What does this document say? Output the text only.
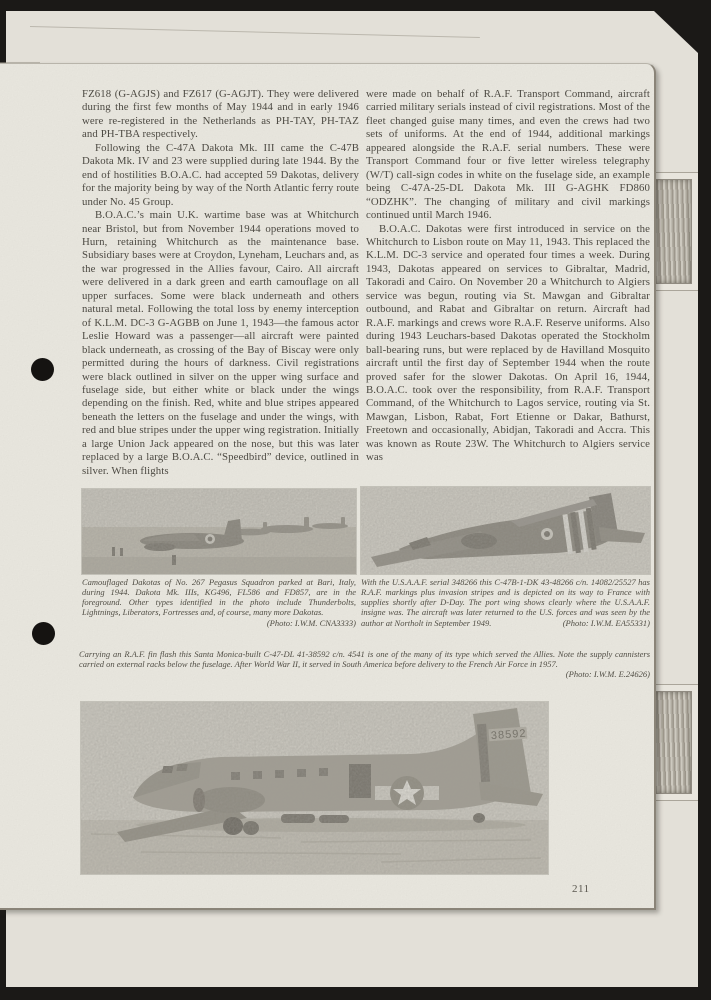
FZ618 (G-AGJS) and FZ617 (G-AGJT). They were delivered during the first few months of May 1944 and in early 1946 were re-registered in the Netherlands as PH-TAY, PH-TAZ and PH-TBA respectively.

Following the C-47A Dakota Mk. III came the C-47B Dakota Mk. IV and 23 were supplied during late 1944. By the end of hostilities B.O.A.C. had accepted 59 Dakotas, delivery for the majority being by way of the North Atlantic ferry route under No. 45 Group.

B.O.A.C.’s main U.K. wartime base was at Whitchurch near Bristol, but from November 1944 operations moved to Hurn, retaining Whitchurch as the maintenance base. Subsidiary bases were at Croydon, Lyneham, Leuchars and, as the war progressed in the Allies favour, Cairo. All aircraft were delivered in a dark green and earth camouflage on all upper surfaces. Some were black underneath and others natural metal. Following the total loss by enemy interception of K.L.M. DC-3 G-AGBB on June 1, 1943—the famous actor Leslie Howard was a passenger—all aircraft were painted black underneath, as crossing of the Bay of Biscay were only permitted during the hours of darkness. Civil registrations were black outlined in silver on the upper wing surface and fuselage side, but either white or black under the wings depending on the finish. Red, white and blue stripes appeared beneath the letters on the fuselage and under the wings, with red and blue stripes under the upper wing registration. Initially a large Union Jack appeared on the nose, but this was later replaced by a large B.O.A.C. “Speedbird” device, outlined in silver. When flights

were made on behalf of R.A.F. Transport Command, aircraft carried military serials instead of civil registrations. Most of the fleet changed guise many times, and even the crews had two sets of uniforms. At the end of 1944, additional markings appeared alongside the R.A.F. serial numbers. These were Transport Command four or five letter wireless telegraphy (W/T) call-sign codes in white on the fuselage side, an example being C-47A-25-DL Dakota Mk. III G-AGHK FD860 “ODZHK”. The changing of military and civil markings continued until March 1946.

B.O.A.C. Dakotas were first introduced in service on the Whitchurch to Lisbon route on May 11, 1943. This replaced the K.L.M. DC-3 service and operated four times a week. During 1943, Dakotas appeared on services to Gibraltar, Madrid, Takoradi and Cairo. On November 20 a Whitchurch to Algiers service was begun, routing via St. Mawgan and Gibraltar outbound, and Rabat and Gibraltar on return. Aircraft had R.A.F. markings and crews wore R.A.F. Reserve uniforms. Also during 1943 Leuchars-based Dakotas operated the Stockholm ball-bearing runs, but were replaced by de Havilland Mosquito aircraft until the first day of September 1944 when the route proved safer for the slower Dakotas. On April 16, 1944, B.O.A.C. took over the responsibility, from R.A.F. Transport Command, of the Whitchurch to Lagos service, routing via St. Mawgan, Lisbon, Rabat, Fort Etienne or Dakar, Bathurst, Freetown and occasionally, Abidjan, Takoradi and Accra. This was known as Route 23W. The Whitchurch to Algiers service was

Camouflaged Dakotas of No. 267 Pegasus Squadron parked at Bari, Italy, during 1944. Dakota Mk. IIIs, KG496, FL586 and FD857, are in the foreground. Other types identified in the photo include Thunderbolts, Lightnings, Liberators, Fortresses and, of course, many more Dakotas.
(Photo: I.W.M. CNA3333)
With the U.S.A.A.F. serial 348266 this C-47B-1-DK 43-48266 c/n. 14082/25527 has R.A.F. markings plus invasion stripes and is depicted on its way to France with supplies shortly after D-Day. The port wing shows clearly where the U.S.A.A.F. insigne was. The aircraft was later returned to the U.S. forces and was seen by the author at Northolt in September 1949.	(Photo: I.W.M. EA55331)
Carrying an R.A.F. fin flash this Santa Monica-built C-47-DL 41-38592 c/n. 4541 is one of the many of its type which served the Allies. Note the supply cannisters carried on external racks below the fuselage. After World War II, it served in South America before delivery to the French Air Force in 1957.
(Photo: I.W.M. E.24626)
211
